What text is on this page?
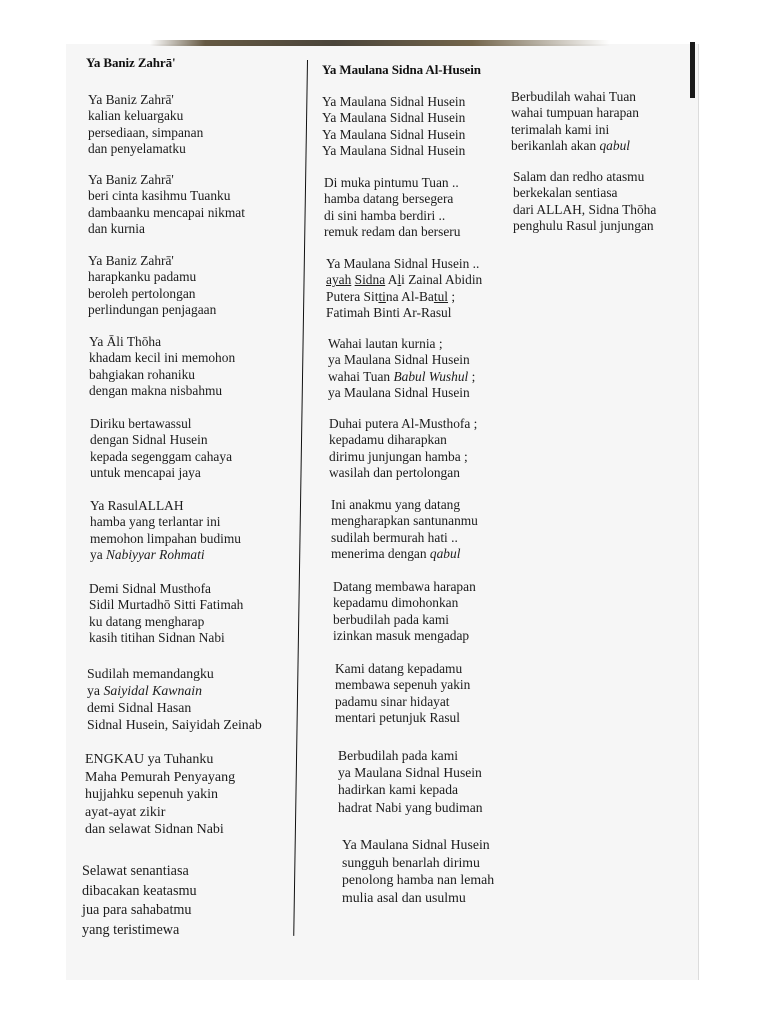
Ya Baniz Zahrā'
Ya Baniz Zahrā'
kalian keluargaku
persediaan, simpanan
dan penyelamatku
Ya Baniz Zahrā'
beri cinta kasihmu Tuanku
dambaanku mencapai nikmat
dan kurnia
Ya Baniz Zahrā'
harapkanku padamu
beroleh pertolongan
perlindungan penjagaan
Ya Āli Thōha
khadam kecil ini memohon
bahgiakan rohaniku
dengan makna nisbahmu
Diriku bertawassul
dengan Sidnal Husein
kepada segenggam cahaya
untuk mencapai jaya
Ya RasulALLAH
hamba yang terlantar ini
memohon limpahan budimu
ya Nabiyyar Rohmati
Demi Sidnal Musthofa
Sidil Murtadhō Sitti Fatimah
ku datang mengharap
kasih titihan Sidnan Nabi
Sudilah memandangku
ya Saiyidal Kawnain
demi Sidnal Hasan
Sidnal Husein, Saiyidah Zeinab
ENGKAU ya Tuhanku
Maha Pemurah Penyayang
hujjahku sepenuh yakin
ayat-ayat zikir
dan selawat Sidnan Nabi
Selawat senantiasa
dibacakan keatasmu
jua para sahabatmu
yang teristimewa
Ya Maulana Sidna Al-Husein
Ya Maulana Sidnal Husein
Ya Maulana Sidnal Husein
Ya Maulana Sidnal Husein
Ya Maulana Sidnal Husein
Di muka pintumu Tuan ..
hamba datang bersegera
di sini hamba berdiri ..
remuk redam dan berseru
Ya Maulana Sidnal Husein ..
ayah Sidna Ali Zainal Abidin
Putera Sittina Al-Batul ;
Fatimah Binti Ar-Rasul
Wahai lautan kurnia ;
ya Maulana Sidnal Husein
wahai Tuan Babul Wushul ;
ya Maulana Sidnal Husein
Duhai putera Al-Musthofa ;
kepadamu diharapkan
dirimu junjungan hamba ;
wasilah dan pertolongan
Ini anakmu yang datang
mengharapkan santunanmu
sudilah bermurah hati ..
menerima dengan qabul
Datang membawa harapan
kepadamu dimohonkan
berbudilah pada kami
izinkan masuk mengadap
Kami datang kepadamu
membawa sepenuh yakin
padamu sinar hidayat
mentari petunjuk Rasul
Berbudilah pada kami
ya Maulana Sidnal Husein
hadirkan kami kepada
hadrat Nabi yang budiman
Ya Maulana Sidnal Husein
sungguh benarlah dirimu
penolong hamba nan lemah
mulia asal dan usulmu
Berbudilah wahai Tuan
wahai tumpuan harapan
terimalah kami ini
berikanlah akan qabul
Salam dan redho atasmu
berkekalan sentiasa
dari ALLAH, Sidna Thōha
penghulu Rasul junjungan
